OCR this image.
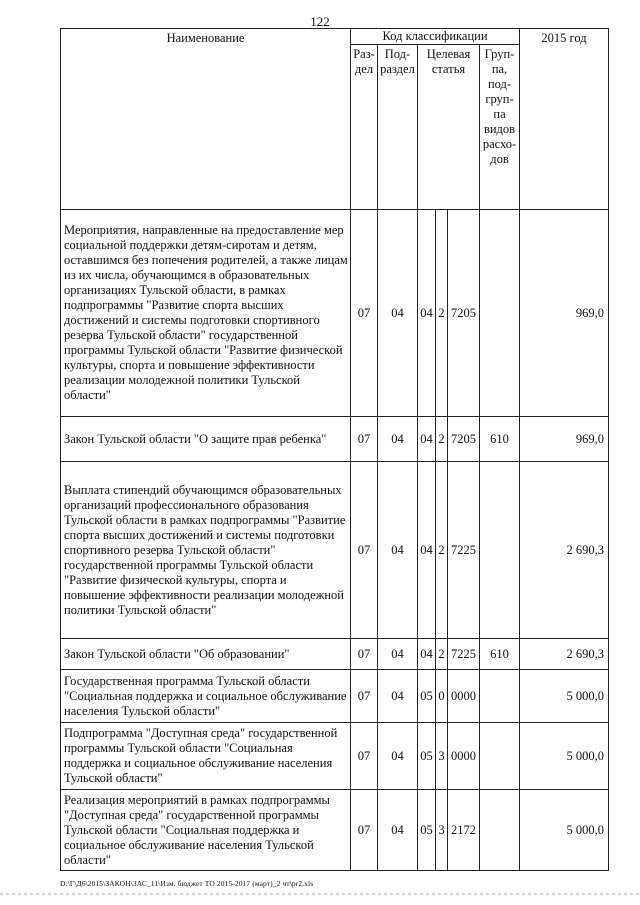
122
Наименование	Код классификации						2015 год
	Раз-дел	Под-раздел	Целевая статья			Груп-па, под-груп-па видов расхо-дов	
Мероприятия, направленные на предоставление мер социальной поддержки детям-сиротам и детям, оставшимся без попечения родителей, а также лицам из их числа, обучающимся в образовательных организациях Тульской области, в рамках подпрограммы "Развитие спорта высших достижений и системы подготовки спортивного резерва Тульской области" государственной программы Тульской области "Развитие физической культуры, спорта и повышение эффективности реализации молодежной политики Тульской области"	07	04	04	2	7205		969,0
Закон Тульской области "О защите прав ребенка"	07	04	04	2	7205	610	969,0
Выплата стипендий обучающимся образовательных организаций профессионального образования Тульской области в рамках подпрограммы "Развитие спорта высших достижений и системы подготовки спортивного резерва Тульской области" государственной программы Тульской области "Развитие физической культуры, спорта и повышение эффективности реализации молодежной политики Тульской области"	07	04	04	2	7225		2 690,3
Закон Тульской области "Об образовании"	07	04	04	2	7225	610	2 690,3
Государственная программа Тульской области "Социальная поддержка и социальное обслуживание населения Тульской области"	07	04	05	0	0000		5 000,0
Подпрограмма "Доступная среда" государственной программы Тульской области "Социальная поддержка и социальное обслуживание населения Тульской области"	07	04	05	3	0000		5 000,0
Реализация мероприятий в рамках подпрограммы "Доступная среда" государственной программы Тульской области "Социальная поддержка и социальное обслуживание населения Тульской области"	07	04	05	3	2172		5 000,0
D:\Г\Д6\2015\ЗАКОН\ЗАС_11\Изм. бюджет ТО 2015-2017 (март)_2 чт\pr2.xls
